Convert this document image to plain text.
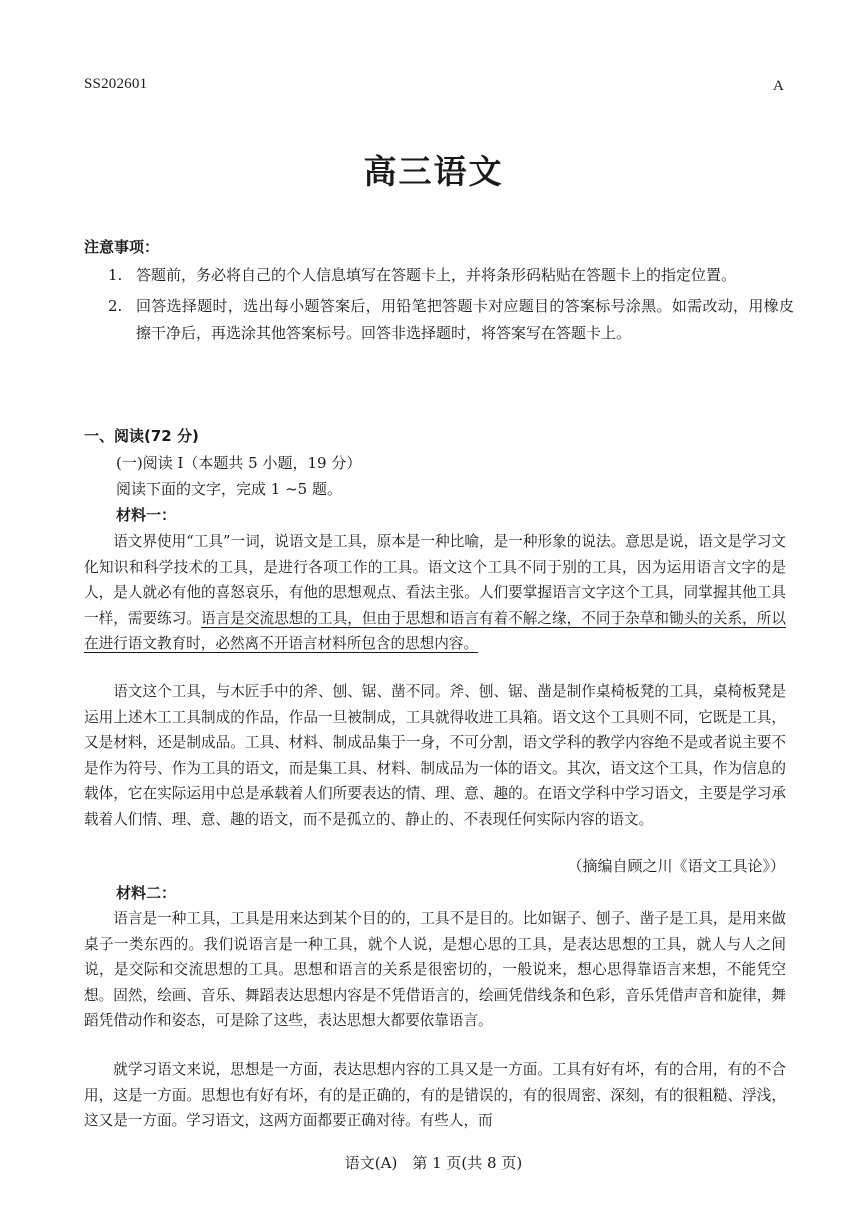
SS202601	A
高三语文
注意事项：
1. 答题前，务必将自己的个人信息填写在答题卡上，并将条形码粘贴在答题卡上的指定位置。
2. 回答选择题时，选出每小题答案后，用铅笔把答题卡对应题目的答案标号涂黑。如需改动，用橡皮擦干净后，再选涂其他答案标号。回答非选择题时，将答案写在答题卡上。
一、阅读(72 分)
(一)阅读 I（本题共 5 小题，19 分）
阅读下面的文字，完成 1 ~5 题。
材料一：

语文界使用“工具”一词，说语文是工具，原本是一种比喻，是一种形象的说法。意思是说，语文是学习文化知识和科学技术的工具，是进行各项工作的工具。语文这个工具不同于别的工具，因为运用语言文字的是人，是人就必有他的喜怒哀乐，有他的思想观点、看法主张。人们要掌握语言文字这个工具，同掌握其他工具一样，需要练习。语言是交流思想的工具，但由于思想和语言有着不解之缘，不同于杂草和锄头的关系，所以在进行语文教育时，必然离不开语言材料所包含的思想内容。

语文这个工具，与木匠手中的斧、刨、锯、凿不同。斧、刨、锯、凿是制作桌椅板凳的工具，桌椅板凳是运用上述木工工具制成的作品，作品一旦被制成，工具就得收进工具箱。语文这个工具则不同，它既是工具，又是材料，还是制成品。工具、材料、制成品集于一身，不可分割，语文学科的教学内容绝不是或者说主要不是作为符号、作为工具的语文，而是集工具、材料、制成品为一体的语文。其次，语文这个工具，作为信息的载体，它在实际运用中总是承载着人们所要表达的情、理、意、趣的。在语文学科中学习语文，主要是学习承载着人们情、理、意、趣的语文，而不是孤立的、静止的、不表现任何实际内容的语文。

（摘编自顾之川《语文工具论》）
材料二：

语言是一种工具，工具是用来达到某个目的的，工具不是目的。比如锯子、刨子、凿子是工具，是用来做桌子一类东西的。我们说语言是一种工具，就个人说，是想心思的工具，是表达思想的工具，就人与人之间说，是交际和交流思想的工具。思想和语言的关系是很密切的，一般说来，想心思得靠语言来想，不能凭空想。固然，绘画、音乐、舞蹈表达思想内容是不凭借语言的，绘画凭借线条和色彩，音乐凭借声音和旋律，舞蹈凭借动作和姿态，可是除了这些，表达思想大都要依靠语言。

就学习语文来说，思想是一方面，表达思想内容的工具又是一方面。工具有好有坏，有的合用，有的不合用，这是一方面。思想也有好有坏，有的是正确的，有的是错误的，有的很周密、深刻，有的很粗糙、浮浅，这又是一方面。学习语文，这两方面都要正确对待。有些人，而

语文(A)　第 1 页(共 8 页)
